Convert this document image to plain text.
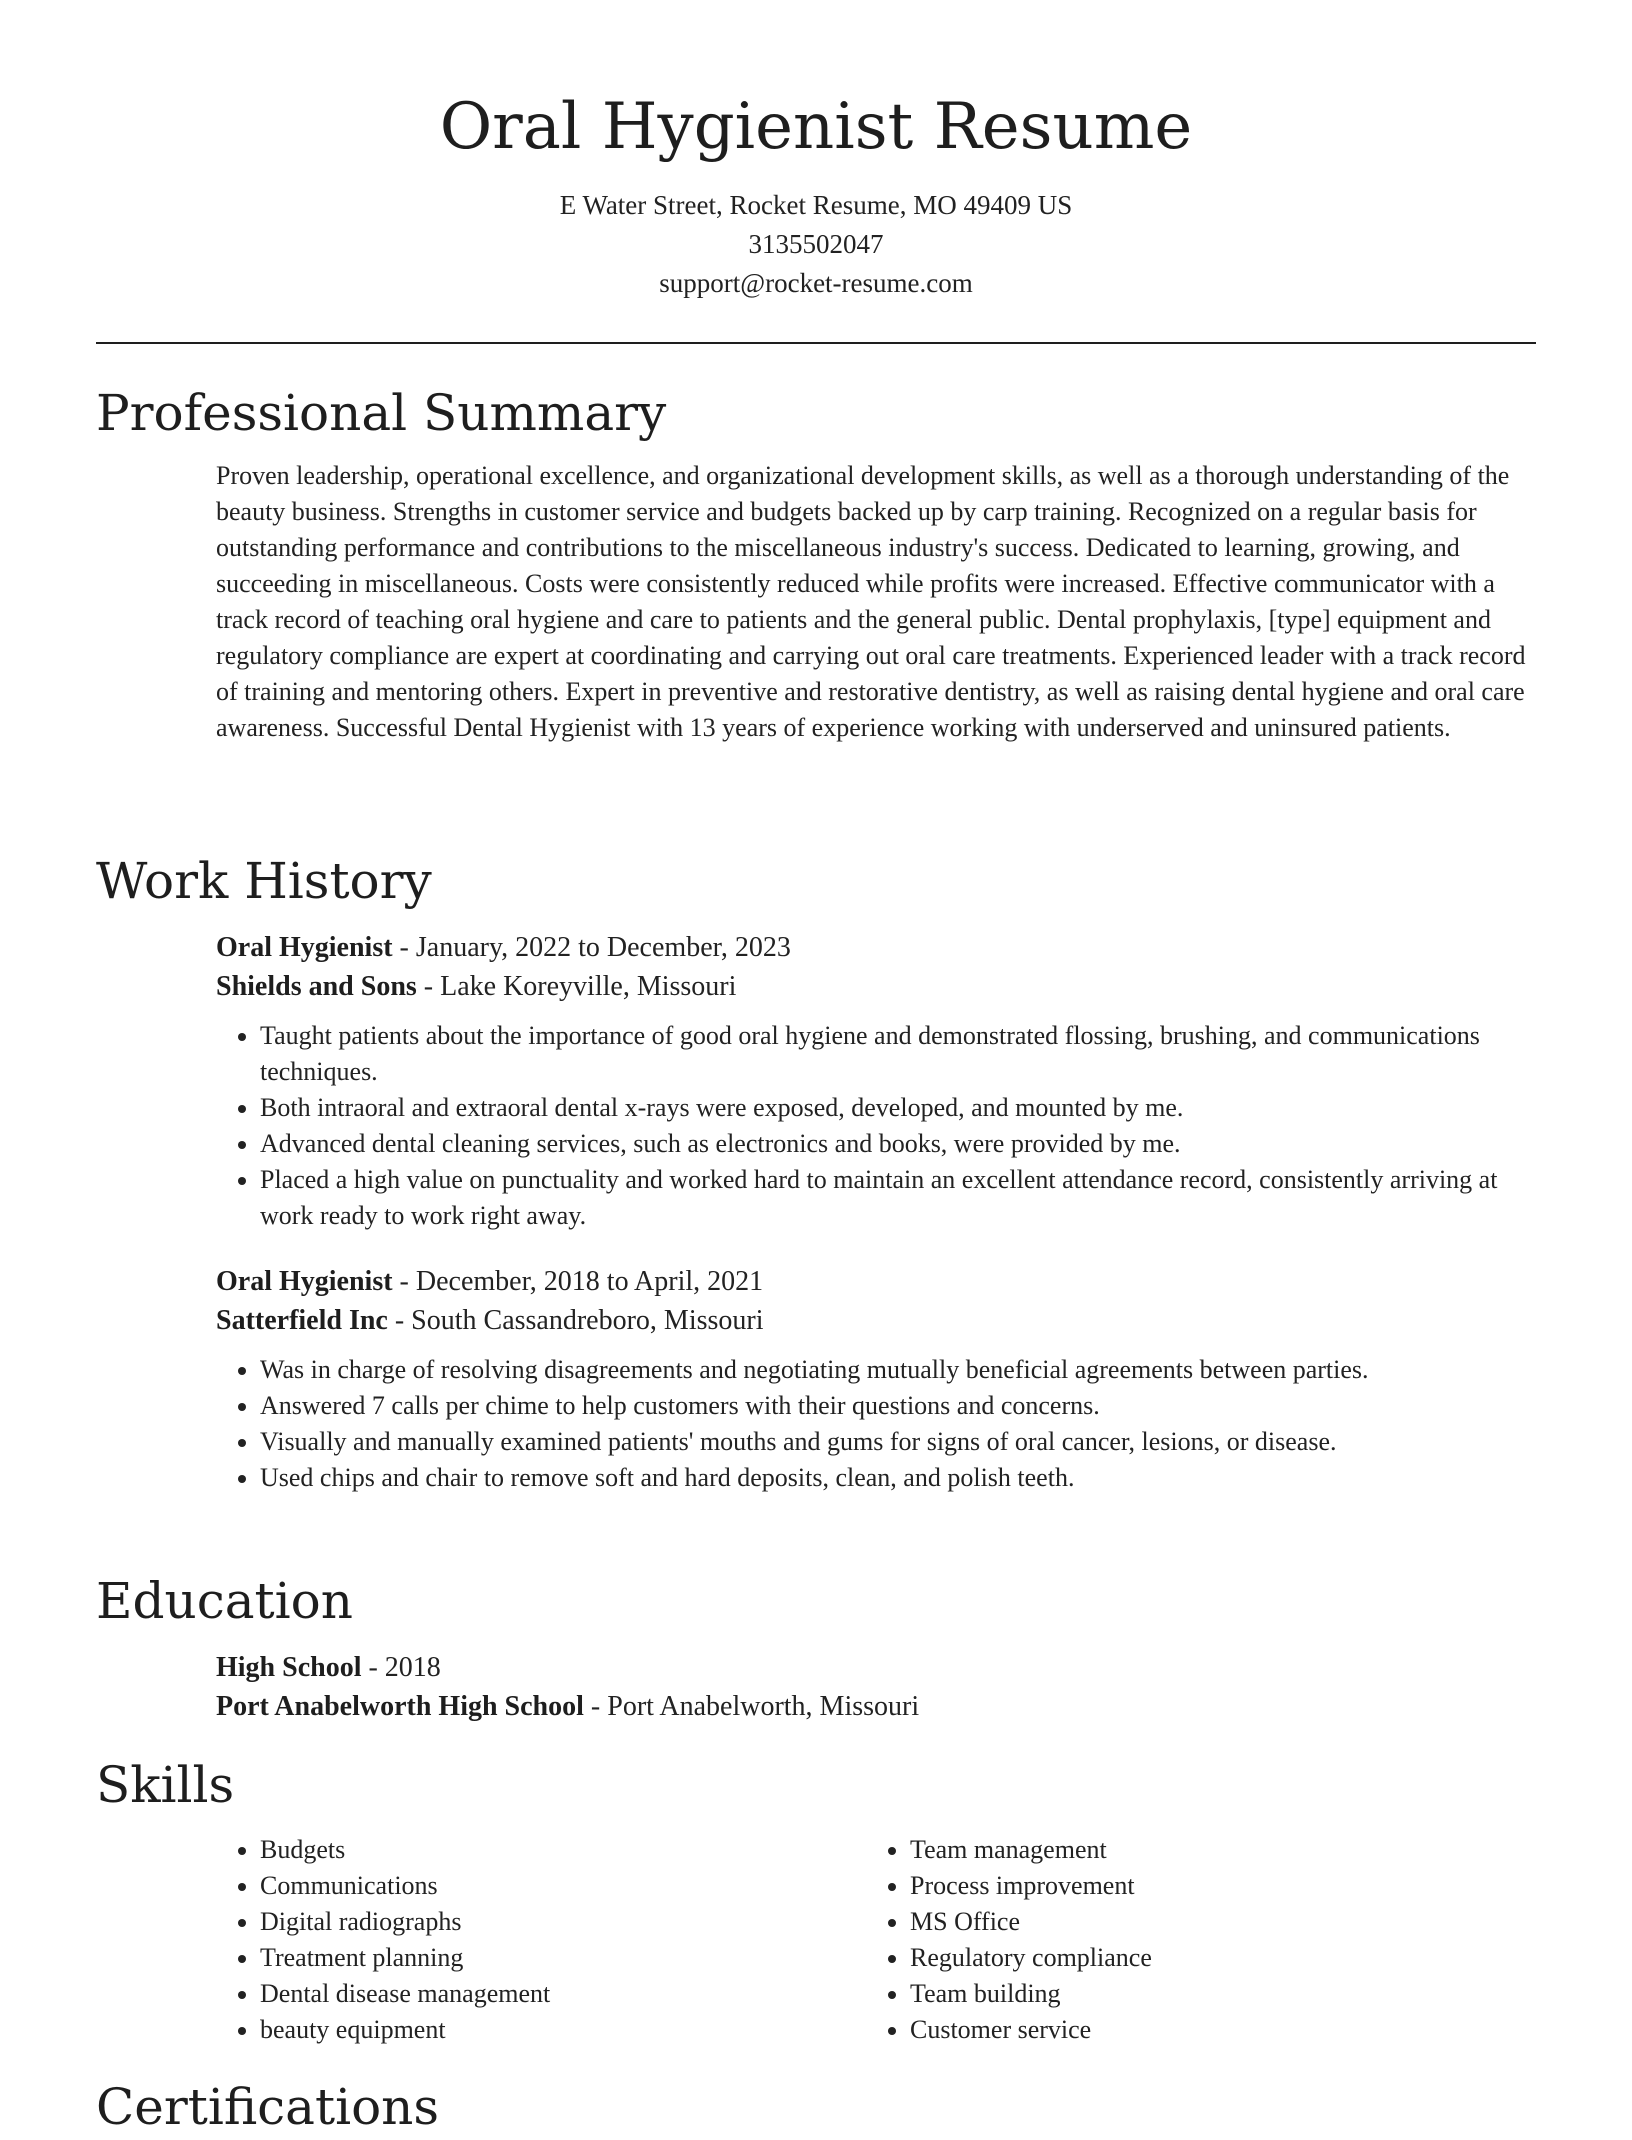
Oral Hygienist Resume
E Water Street, Rocket Resume, MO 49409 US
3135502047
support@rocket-resume.com
Professional Summary

Proven leadership, operational excellence, and organizational development skills, as well as a thorough understanding of the beauty business. Strengths in customer service and budgets backed up by carp training. Recognized on a regular basis for outstanding performance and contributions to the miscellaneous industry's success. Dedicated to learning, growing, and succeeding in miscellaneous. Costs were consistently reduced while profits were increased. Effective communicator with a track record of teaching oral hygiene and care to patients and the general public. Dental prophylaxis, [type] equipment and regulatory compliance are expert at coordinating and carrying out oral care treatments. Experienced leader with a track record of training and mentoring others. Expert in preventive and restorative dentistry, as well as raising dental hygiene and oral care awareness. Successful Dental Hygienist with 13 years of experience working with underserved and uninsured patients.

Work History
Oral Hygienist - January, 2022 to December, 2023
Shields and Sons - Lake Koreyville, Missouri
• Taught patients about the importance of good oral hygiene and demonstrated flossing, brushing, and communications techniques.
• Both intraoral and extraoral dental x-rays were exposed, developed, and mounted by me.
• Advanced dental cleaning services, such as electronics and books, were provided by me.
• Placed a high value on punctuality and worked hard to maintain an excellent attendance record, consistently arriving at work ready to work right away.
Oral Hygienist - December, 2018 to April, 2021
Satterfield Inc - South Cassandreboro, Missouri
• Was in charge of resolving disagreements and negotiating mutually beneficial agreements between parties.
• Answered 7 calls per chime to help customers with their questions and concerns.
• Visually and manually examined patients' mouths and gums for signs of oral cancer, lesions, or disease.
• Used chips and chair to remove soft and hard deposits, clean, and polish teeth.
Education
High School - 2018
Port Anabelworth High School - Port Anabelworth, Missouri
Skills
• Budgets
• Communications
• Digital radiographs
• Treatment planning
• Dental disease management
• beauty equipment
• Team management
• Process improvement
• MS Office
• Regulatory compliance
• Team building
• Customer service
Certifications
